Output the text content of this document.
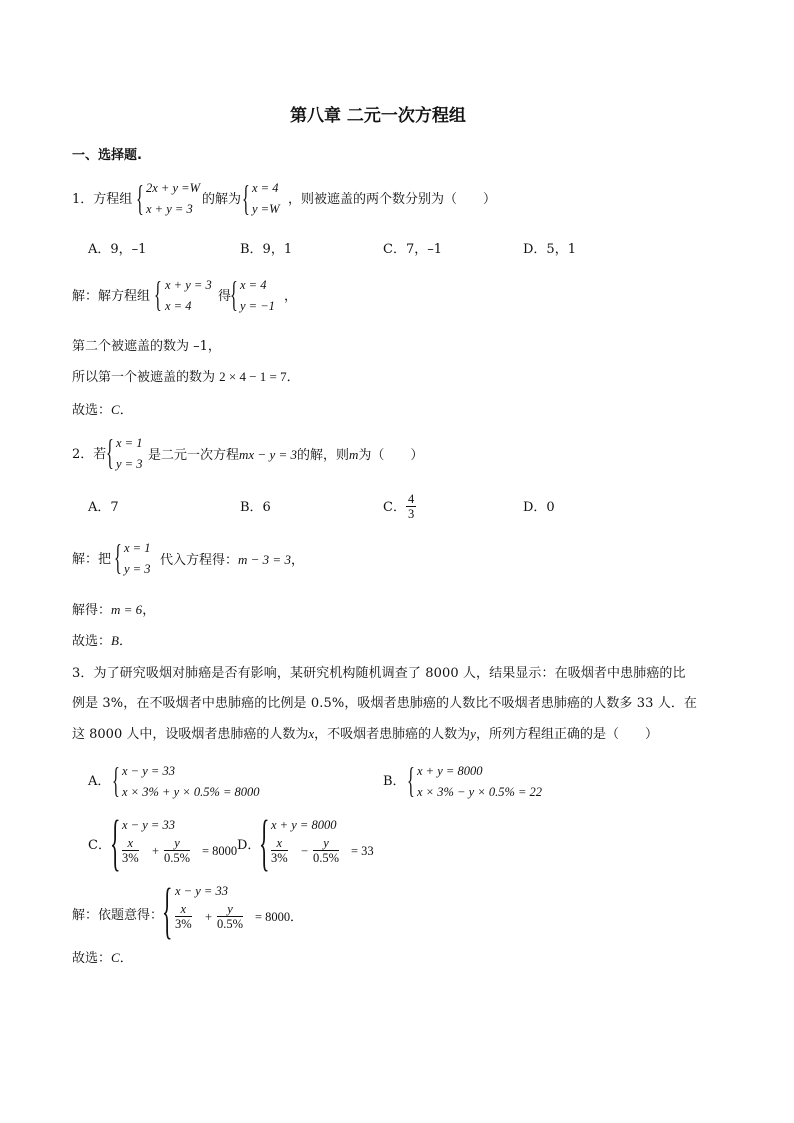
第八章 二元一次方程组
一、选择题.
1．方程组 { 2x + y =W
x + y = 3
的解为 { x = 4
y =W
，则被遮盖的两个数分别为（　　）
A．9，–1	B．9，1	C．7，–1	D．5，1
解：解方程组 { x + y = 3
x = 4
得
{ x = 4
y = −1
，
第二个被遮盖的数为 –1，
所以第一个被遮盖的数为 2 × 4 − 1 = 7．
故选：C．
2．若 { x = 1
y = 3
是二元一次方程mx − y = 3的解，则m为（　　）
A．7	B．6	C． $\frac{4}{3}$	D．0
解：把 { x = 1
y = 3
代入方程得：m − 3 = 3，
解得：m = 6，
故选：B．
3．为了研究吸烟对肺癌是否有影响，某研究机构随机调查了 8000 人，结果显示：在吸烟者中患肺癌的比
例是 3%，在不吸烟者中患肺癌的比例是 0.5%，吸烟者患肺癌的人数比不吸烟者患肺癌的人数多 33 人．在
这 8000 人中，设吸烟者患肺癌的人数为x，不吸烟者患肺癌的人数为y，所列方程组正确的是（　　）
A． { x − y = 33
x × 3% + y × 0.5% = 8000
B． { x + y = 8000
x × 3% − y × 0.5% = 22
C． { x − y = 33
$\frac{x}{3\%} + \frac{y}{0.5\%} = 8000$ D．
{ x + y = 8000
$\frac{x}{3\%} - \frac{y}{0.5\%} = 33$
解：依题意得：
{ x − y = 33
$\frac{x}{3\%} + \frac{y}{0.5\%} = 8000$ ．
故选：C．
